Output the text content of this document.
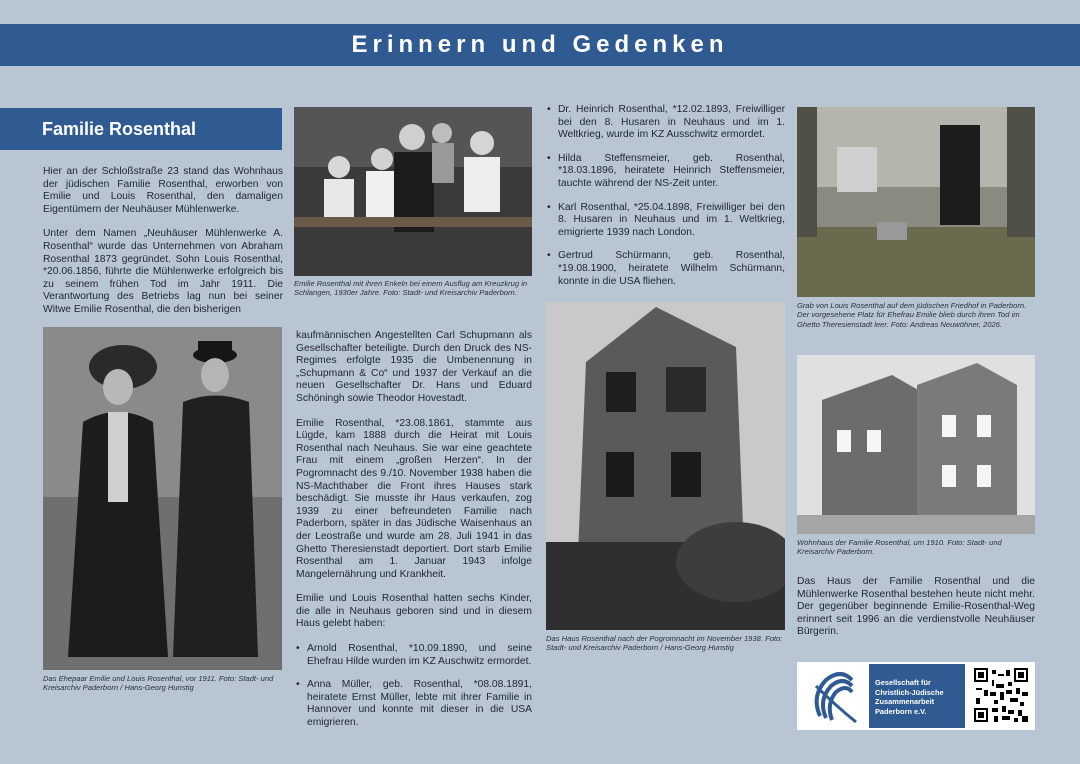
Erinnern und Gedenken
Familie Rosenthal

Hier an der Schloßstraße 23 stand das Wohnhaus der jüdischen Familie Rosenthal, erworben von Emilie und Louis Rosenthal, den damaligen Eigentümern der Neuhäuser Mühlenwerke.

Unter dem Namen „Neuhäuser Mühlenwerke A. Rosenthal“ wurde das Unternehmen von Abraham Rosenthal 1873 gegründet. Sohn Louis Rosenthal, *20.06.1856, führte die Mühlenwerke erfolgreich bis zu seinem frühen Tod im Jahr 1911. Die Verantwortung des Betriebs lag nun bei seiner Witwe Emilie Rosenthal, die den bisherigen

Das Ehepaar Emilie und Louis Rosenthal, vor 1911. Foto: Stadt- und Kreisarchiv Paderborn / Hans-Georg Hunstig
Emilie Rosenthal mit ihren Enkeln bei einem Ausflug am Kreuzkrug in Schlangen, 1930er Jahre. Foto: Stadt- und Kreisarchiv Paderborn.

kaufmännischen Angestellten Carl Schupmann als Gesellschafter beteiligte. Durch den Druck des NS-Regimes erfolgte 1935 die Umbenennung in „Schupmann & Co“ und 1937 der Verkauf an die neuen Gesellschafter Dr. Hans und Eduard Schöningh sowie Theodor Hovestadt.

Emilie Rosenthal, *23.08.1861, stammte aus Lügde, kam 1888 durch die Heirat mit Louis Rosenthal nach Neuhaus. Sie war eine geachtete Frau mit einem „großen Herzen“. In der Pogromnacht des 9./10. November 1938 haben die NS-Machthaber die Front ihres Hauses stark beschädigt. Sie musste ihr Haus verkaufen, zog 1939 zu einer befreundeten Familie nach Paderborn, später in das Jüdische Waisenhaus an der Leostraße und wurde am 28. Juli 1941 in das Ghetto Theresienstadt deportiert. Dort starb Emilie Rosenthal am 1. Januar 1943 infolge Mangelernährung und Krankheit.

Emilie und Louis Rosenthal hatten sechs Kinder, die alle in Neuhaus geboren sind und in diesem Haus gelebt haben:

• Arnold Rosenthal, *10.09.1890, und seine Ehefrau Hilde wurden im KZ Auschwitz ermordet.
• Anna Müller, geb. Rosenthal, *08.08.1891, heiratete Ernst Müller, lebte mit ihrer Familie in Hannover und konnte mit dieser in die USA emigrieren.
• Dr. Heinrich Rosenthal, *12.02.1893, Freiwilliger bei den 8. Husaren in Neuhaus und im 1. Weltkrieg, wurde im KZ Ausschwitz ermordet.
• Hilda Steffensmeier, geb. Rosenthal, *18.03.1896, heiratete Heinrich Steffensmeier, tauchte während der NS-Zeit unter.
• Karl Rosenthal, *25.04.1898, Freiwilliger bei den 8. Husaren in Neuhaus und im 1. Weltkrieg, emigrierte 1939 nach London.
• Gertrud Schürmann, geb. Rosenthal, *19.08.1900, heiratete Wilhelm Schürmann, konnte in die USA fliehen.
Das Haus Rosenthal nach der Pogromnacht im November 1938. Foto: Stadt- und Kreisarchiv Paderborn / Hans-Georg Hunstig
Grab von Louis Rosenthal auf dem jüdischen Friedhof in Paderborn. Der vorgesehene Platz für Ehefrau Emilie blieb durch ihren Tod im Ghetto Theresienstadt leer. Foto: Andreas Neuwöhner, 2026.
Wohnhaus der Familie Rosenthal, um 1910. Foto: Stadt- und Kreisarchiv Paderborn.

Das Haus der Familie Rosenthal und die Mühlenwerke Rosenthal bestehen heute nicht mehr. Der gegenüber beginnende Emilie-Rosenthal-Weg erinnert seit 1996 an die verdienstvolle Neuhäuser Bürgerin.

Gesellschaft für Christlich-Jüdische Zusammenarbeit Paderborn e.V.
